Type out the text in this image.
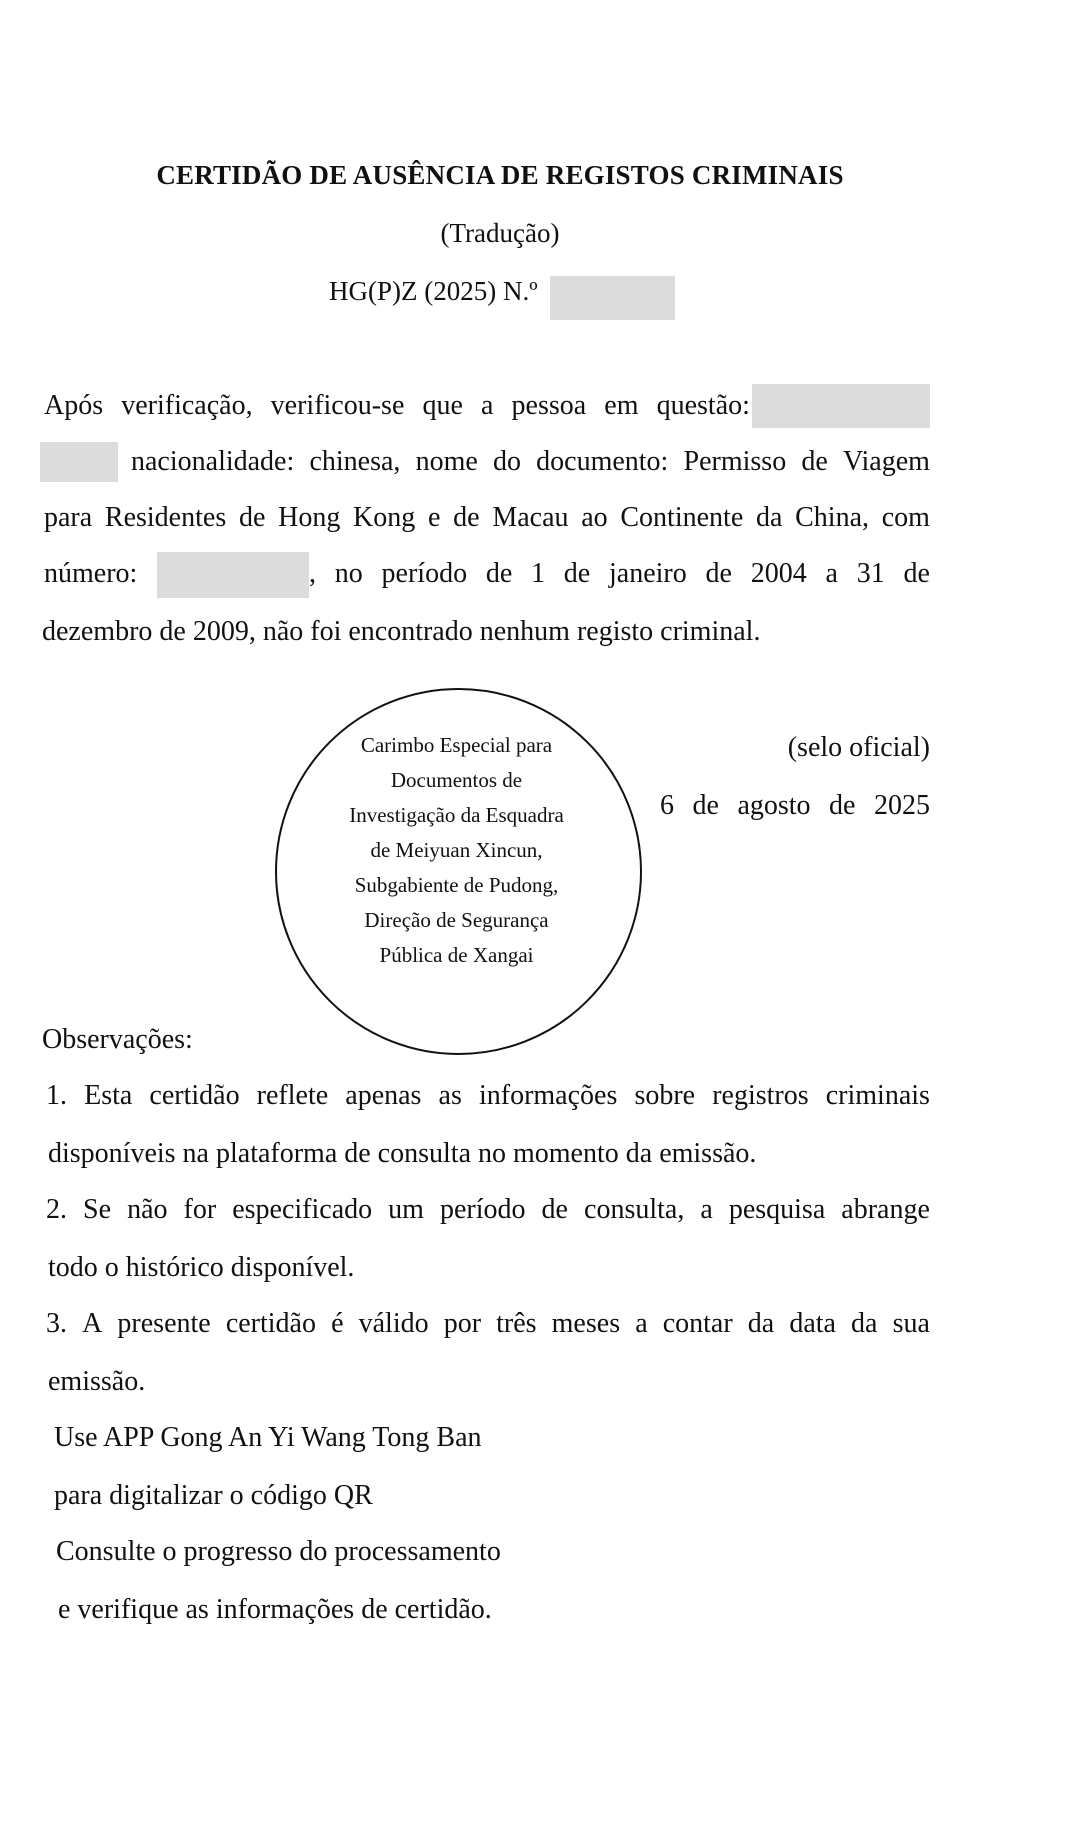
CERTIDÃO DE AUSÊNCIA DE REGISTOS CRIMINAIS
(Tradução)
HG(P)Z (2025) N.º
Após verificação, verificou-se que a pessoa em questão:
nacionalidade: chinesa, nome do documento: Permisso de Viagem
para Residentes de Hong Kong e de Macau ao Continente da China, com
número:	, no período de 1 de janeiro de 2004 a 31 de
dezembro de 2009, não foi encontrado nenhum registo criminal.
Carimbo Especial para
Documentos de
Investigação da Esquadra
de Meiyuan Xincun,
Subgabiente de Pudong,
Direção de Segurança
Pública de Xangai
(selo oficial)
6 de agosto de 2025
Observações:
1. Esta certidão reflete apenas as informações sobre registros criminais
disponíveis na plataforma de consulta no momento da emissão.
2. Se não for especificado um período de consulta, a pesquisa abrange
todo o histórico disponível.
3. A presente certidão é válido por três meses a contar da data da sua
emissão.
Use APP Gong An Yi Wang Tong Ban
para digitalizar o código QR
Consulte o progresso do processamento
e verifique as informações de certidão.
